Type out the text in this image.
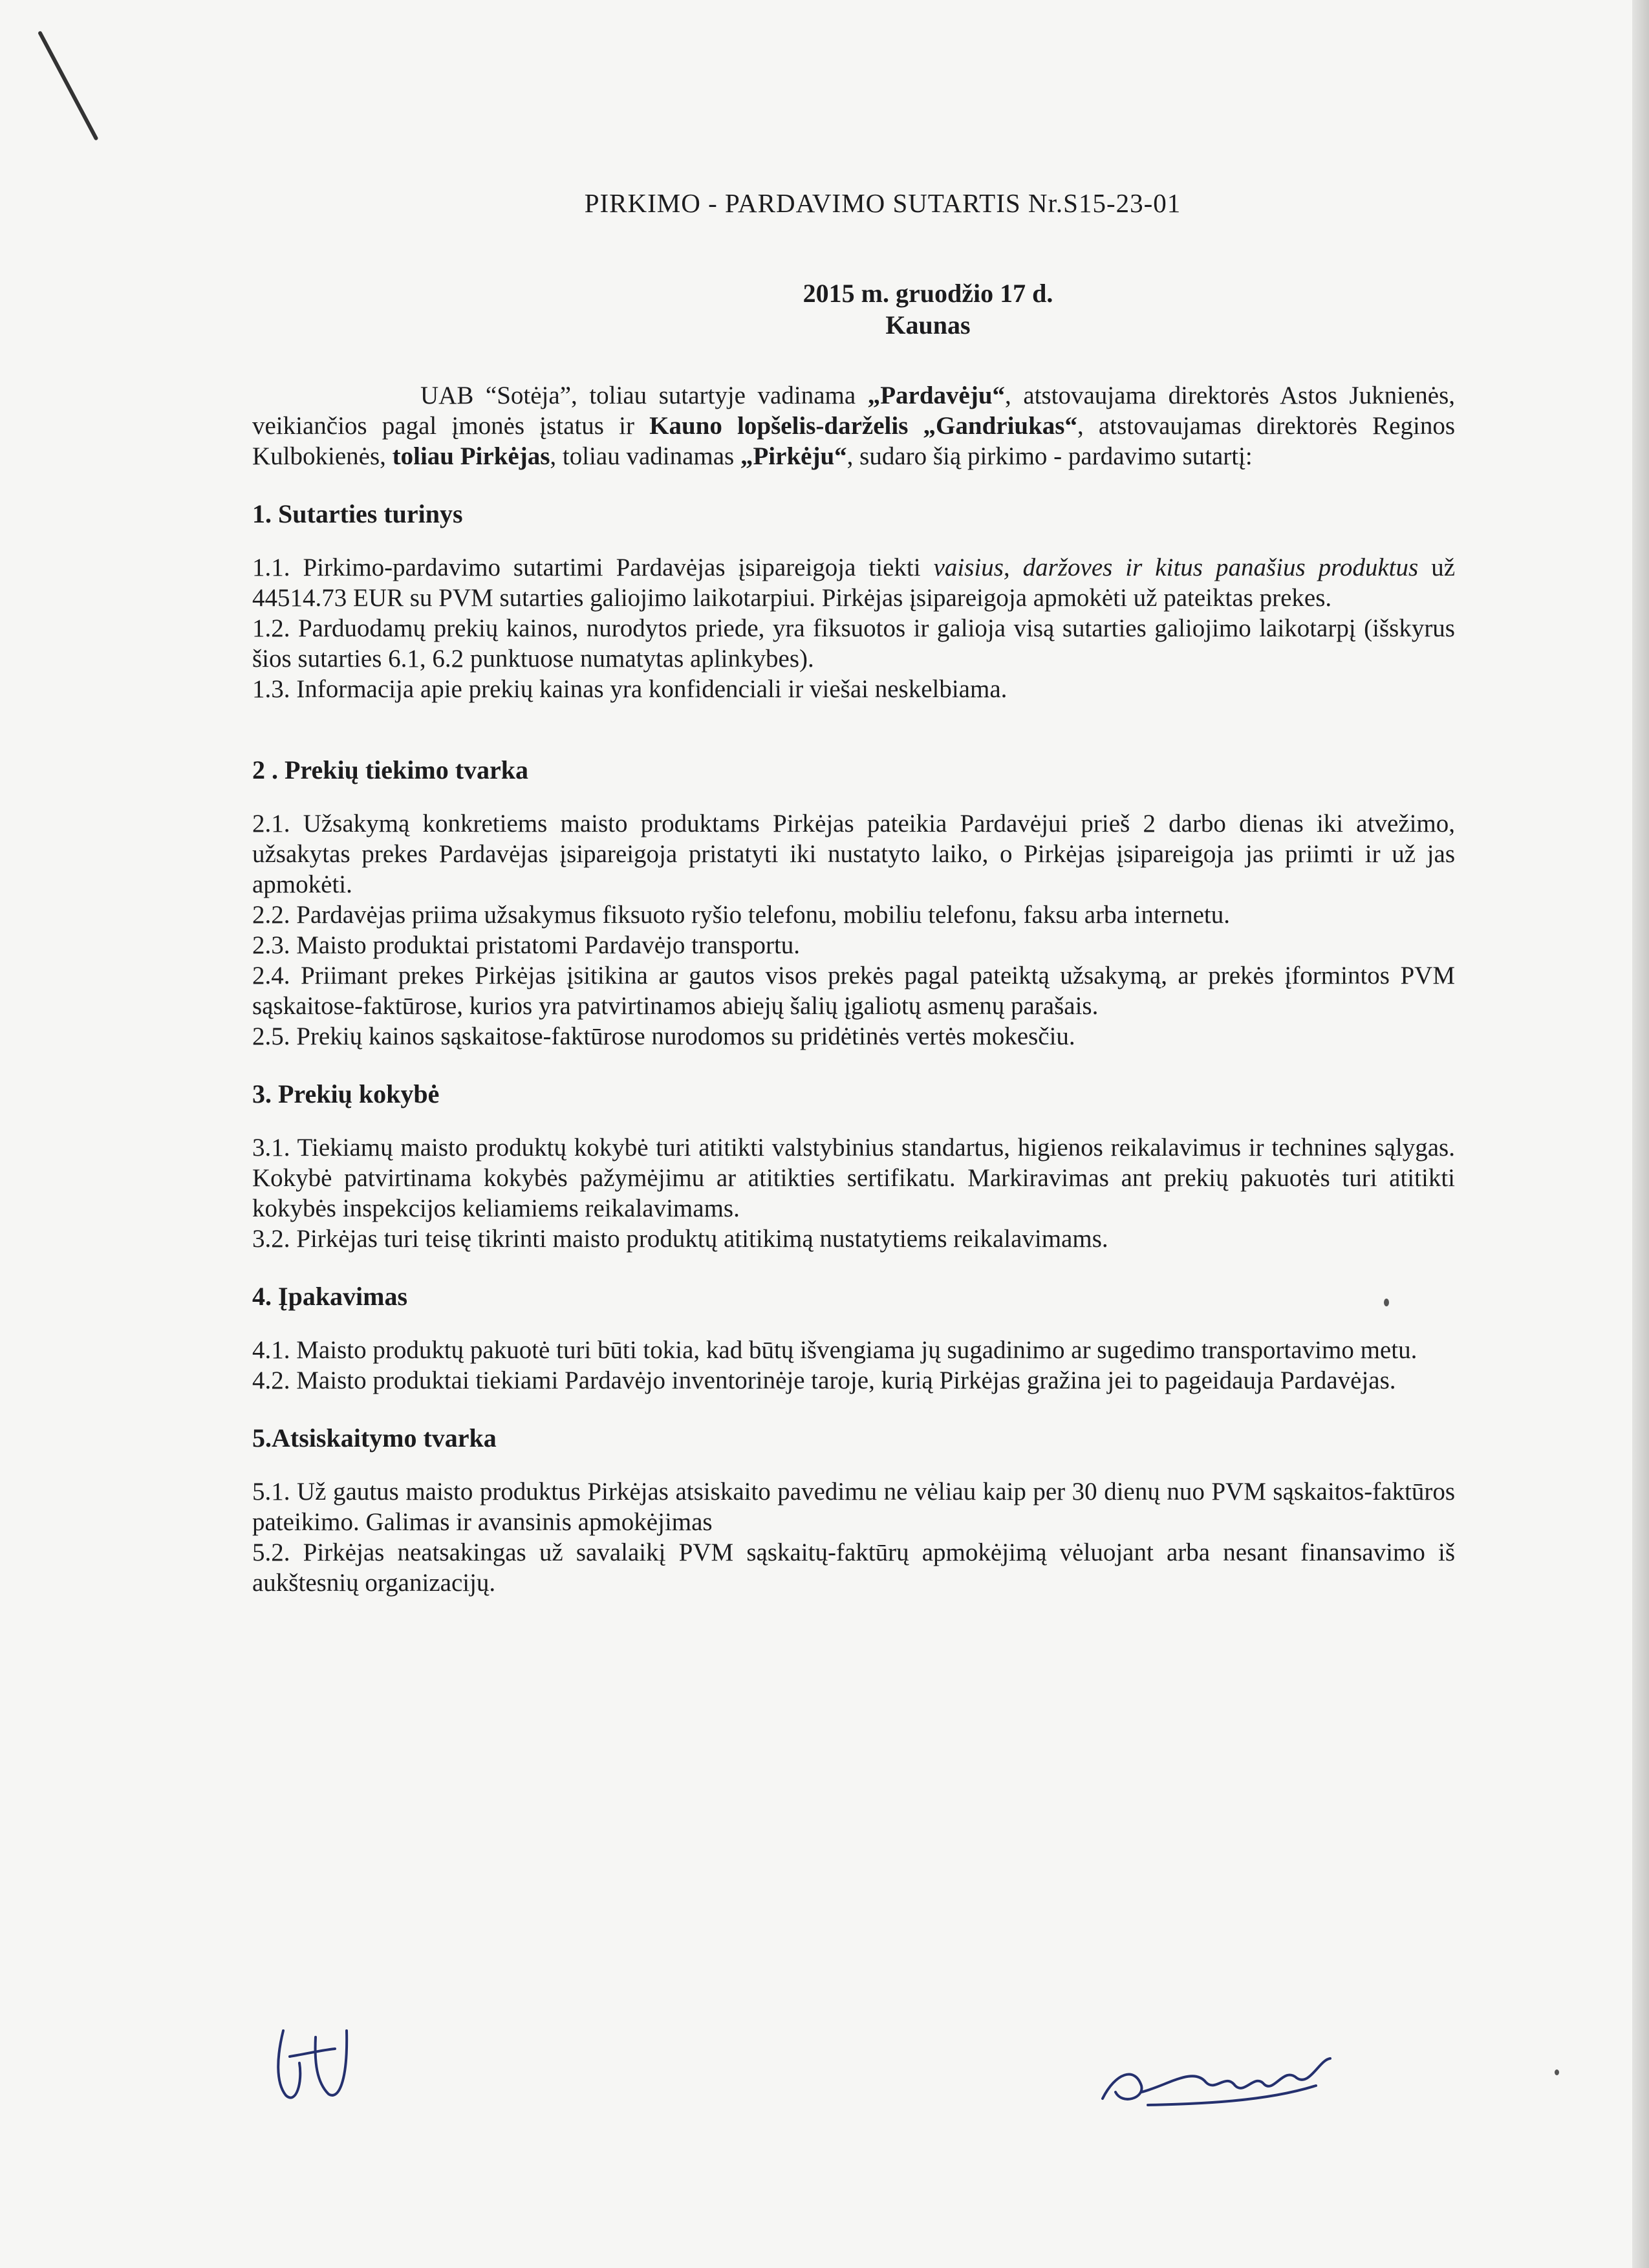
PIRKIMO - PARDAVIMO SUTARTIS Nr.S15-23-01
2015 m. gruodžio 17 d.
Kaunas
UAB “Sotėja”, toliau sutartyje vadinama „Pardavėju“, atstovaujama direktorės Astos Juknienės, veikiančios pagal įmonės įstatus ir Kauno lopšelis-darželis „Gandriukas“, atstovaujamas direktorės Reginos Kulbokienės, toliau Pirkėjas, toliau vadinamas „Pirkėju“, sudaro šią pirkimo - pardavimo sutartį:
1. Sutarties turinys
1.1. Pirkimo-pardavimo sutartimi Pardavėjas įsipareigoja tiekti vaisius, daržoves ir kitus panašius produktus už 44514.73 EUR su PVM sutarties galiojimo laikotarpiui. Pirkėjas įsipareigoja apmokėti už pateiktas prekes.
1.2. Parduodamų prekių kainos, nurodytos priede, yra fiksuotos ir galioja visą sutarties galiojimo laikotarpį (išskyrus šios sutarties 6.1, 6.2 punktuose numatytas aplinkybes).
1.3. Informacija apie prekių kainas yra konfidenciali ir viešai neskelbiama.
2 . Prekių tiekimo tvarka
2.1. Užsakymą konkretiems maisto produktams Pirkėjas pateikia Pardavėjui prieš 2 darbo dienas iki atvežimo, užsakytas prekes Pardavėjas įsipareigoja pristatyti iki nustatyto laiko, o Pirkėjas įsipareigoja jas priimti ir už jas apmokėti.
2.2. Pardavėjas priima užsakymus fiksuoto ryšio telefonu, mobiliu telefonu, faksu arba internetu.
2.3. Maisto produktai pristatomi Pardavėjo transportu.
2.4. Priimant prekes Pirkėjas įsitikina ar gautos visos prekės pagal pateiktą užsakymą, ar prekės įformintos PVM sąskaitose-faktūrose, kurios yra patvirtinamos abiejų šalių įgaliotų asmenų parašais.
2.5. Prekių kainos sąskaitose-faktūrose nurodomos su pridėtinės vertės mokesčiu.
3. Prekių kokybė
3.1. Tiekiamų maisto produktų kokybė turi atitikti valstybinius standartus, higienos reikalavimus ir technines sąlygas. Kokybė patvirtinama kokybės pažymėjimu ar atitikties sertifikatu. Markiravimas ant prekių pakuotės turi atitikti kokybės inspekcijos keliamiems reikalavimams.
3.2. Pirkėjas turi teisę tikrinti maisto produktų atitikimą nustatytiems reikalavimams.
4. Įpakavimas
4.1. Maisto produktų pakuotė turi būti tokia, kad būtų išvengiama jų sugadinimo ar sugedimo transportavimo metu.
4.2. Maisto produktai tiekiami Pardavėjo inventorinėje taroje, kurią Pirkėjas gražina jei to pageidauja Pardavėjas.
5.Atsiskaitymo tvarka
5.1. Už gautus maisto produktus Pirkėjas atsiskaito pavedimu ne vėliau kaip per 30 dienų nuo PVM sąskaitos-faktūros pateikimo. Galimas ir avansinis apmokėjimas
5.2. Pirkėjas neatsakingas už savalaikį PVM sąskaitų-faktūrų apmokėjimą vėluojant arba nesant finansavimo iš aukštesnių organizacijų.
